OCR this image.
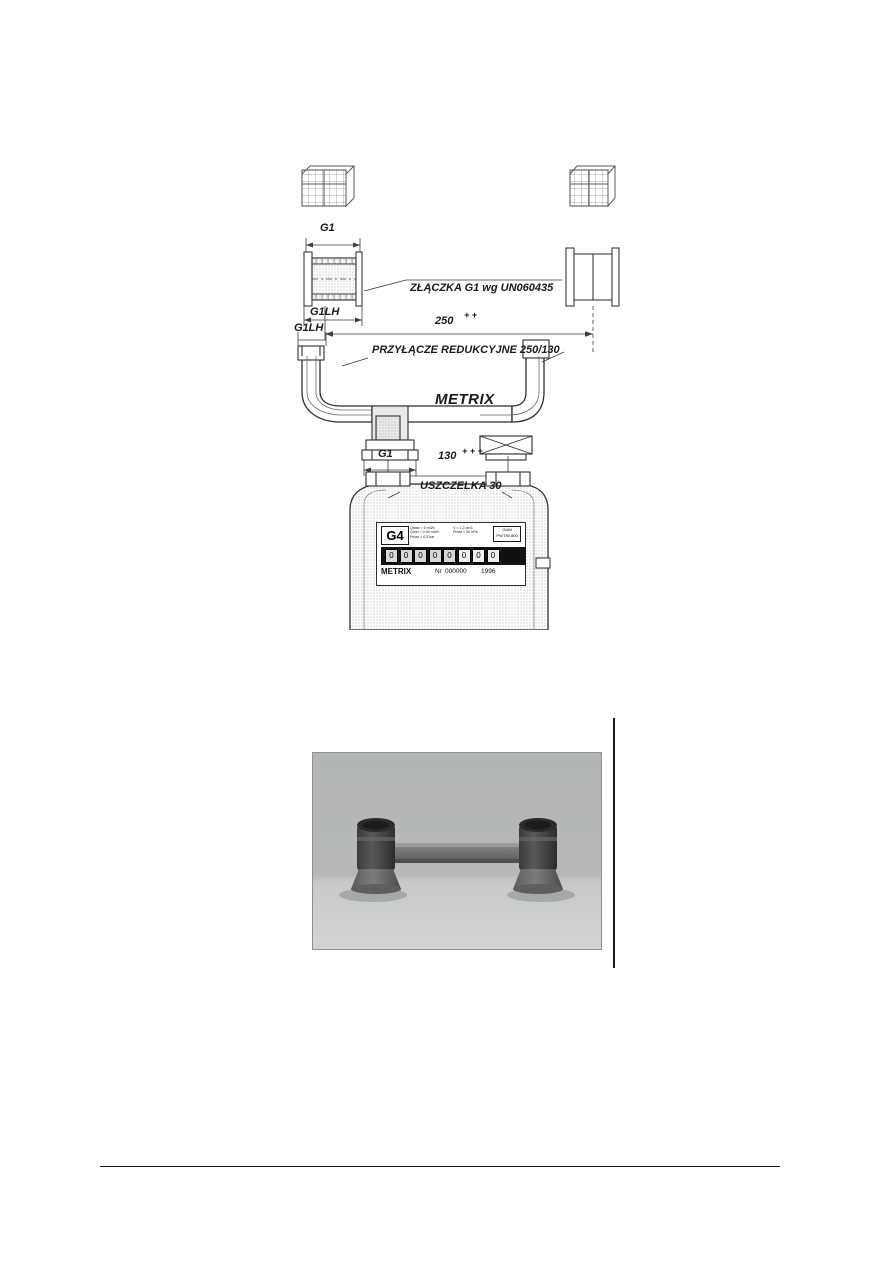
G1
G1LH
G1LH
ZŁĄCZKA G1 wg UN060435
250 + +
PRZYŁĄCZE REDUKCYJNE 250/130
METRIX
G1	130 + + +
USZCZELKA 30
G4	Qmax = 6 m3/h
Qmin = 0,04 m3/h
Pmax = 0,5 bar
V = 1,2 dm3
Pmax = 50 kPa
GUM
PN/T/M 800
0	0	0	0	0	0	0	0
METRIX	Nr 000000 1996
